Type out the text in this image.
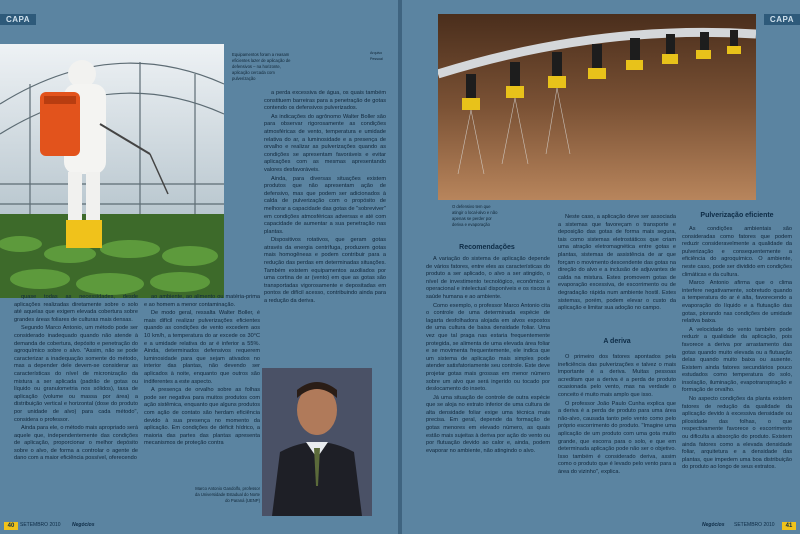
CAPA
Equipamentos foram a reasam eficientes lazer de aplicação de defensivos – na horizonte, aplicação cercada com pulverização
Arquivo Pessoal

quase todas as necessidades, desde aplicações realizadas diretamente sobre o solo até aquelas que exigem elevada cobertura sobre grandes áreas foliares de culturas mais densas.

Segundo Marco Antonio, um método pode ser considerado inadequado quando não atende à demanda de cobertura, depósito e penetração do agroquímico sobre o alvo. "Assim, não se pode caracterizar a inadequação somente do método, mas a depender dele devem-se considerar as características do nível de micronização da mistura a ser aplicada (padrão de gotas ou líquido ou granulometria nos sólidos), taxa de aplicação (volume ou massa por área) a distribuição vertical e horizontal (dose do produto por unidade de alvo) para cada método", considera o professor.

Ainda para ele, o método mais apropriado será aquele que, independentemente das condições de aplicação, proporcionar o melhor depósito sobre o alvo, de forma a controlar o agente de dano com a maior eficiência possível, oferecendo

ao ambiente, ao alimento ou matéria-prima e ao homem a menor contaminação.

De modo geral, ressalta Walter Boller, é mais difícil realizar pulverizações eficientes quando as condições de vento excedem aos 10 km/h, a temperatura do ar excede os 30°C e a umidade relativa do ar é inferior a 55%. Ainda, determinados defensivos requerem luminosidade para que sejam ativados no interior das plantas, não devendo ser aplicados à noite, enquanto que outros são indiferentes a este aspecto.

A presença de orvalho sobre as folhas pode ser negativa para muitos produtos com ação sistêmica, enquanto que alguns produtos com ação de contato são herdam eficiência devido à sua presença no momento da aplicação. Em condições de déficit hídrico, a maioria das partes das plantas apresenta mecanismos de proteção contra

a perda excessiva de água, os quais também constituem barreiras para a penetração de gotas contendo os defensivos pulverizados.

As indicações do agrônomo Walter Boller são para observar rigorosamente as condições atmosféricas de vento, temperatura e umidade relativa do ar, a luminosidade e a presença de orvalho e realizar as pulverizações quando as condições se apresentam favoráveis e evitar aplicações com as mesmas apresentando valores desfavoráveis.

Ainda, para diversas situações existem produtos que não apresentam ação de defensivo, mas que podem ser adicionados à calda de pulverização com o propósito de melhorar a capacidade das gotas de "sobreviver" em condições atmosféricas adversas e até com capacidade de aumentar a sua penetração nas plantas.

Dispositivos rotativos, que geram gotas através da energia centrífuga, produzem gotas mais homogêneas e podem contribuir para a redução das perdas em determinadas situações. Também existem equipamentos auxiliados por uma cortina de ar (vento) em que as gotas são transportadas vigorosamente e depositadas em pontos de difícil acesso, contribuindo ainda para a redução da deriva.

Marco Antonio Gandolfo, professor da Universidade Estadual do Norte do Paraná (UENP)
40	SETEMBRO 2010 Negócios
CAPA
O defensivo tem que atingir o local-alvo e não apenas se perder por deriva e evaporação
Recomendações

A variação do sistema de aplicação depende de vários fatores, entre eles as características do produto a ser aplicado, o alvo a ser atingido, o nível de investimento tecnológico, econômico e operacional e intelectual disponíveis e os riscos à saúde humana e ao ambiente.

Como exemplo, o professor Marco Antonio cita o controle de uma determinada espécie de lagarta desfolhadora alojada em alvos expostos de uma cultura de baixa densidade foliar. Uma vez que tal praga nas estaria frequentemente protegida, se alimenta de uma elevada área foliar e se movimenta frequentemente, ele indica que um sistema de aplicação mais simples pode atender satisfatoriamente seu controle. Este deve projetar gotas mais grossas em menor número sobre um alvo que será ingerido ou tocado por deslocamento do inseto.

Já uma situação de controle de outra espécie que se aloja no extrato inferior de uma cultura de alta densidade foliar exige uma técnica mais precisa. Em geral, depende da formação de gotas menores em elevado número, as quais estão mais sujeitas à deriva por ação do vento ou por flutuação devido ao calor e, ainda, podem evaporar no ambiente, não atingindo o alvo.

Neste caso, a aplicação deve ser associada a sistemas que favoreçam o transporte e deposição das gotas de forma mais segura, tais como sistemas eletrostáticos que criam uma atração eletromagnética entre gotas e plantas, sistemas de assistência de ar que forçam o movimento descendente das gotas na direção do alvo e a inclusão de adjuvantes de calda na mistura. Estes promovem gotas de evaporação excessiva, de escorrimento ou de degradação rápida num ambiente hostil. Estes sistemas, porém, podem elevar o custo da aplicação e limitar sua adoção no campo.

A deriva

O primeiro dos fatores apontados pela ineficiência das pulverizações e talvez o mais importante é a deriva. Muitas pessoas acreditam que a deriva é a perda de produto ocasionada pelo vento, mas na verdade o conceito é muito mais amplo que isso.

O professor João Paulo Cunha explica que a deriva é a perda de produto para uma área não-alvo, causada tanto pelo vento como pelo próprio escorrimento do produto. "Imagine uma aplicação de um produto com uma gota muito grande, que escorra para o solo, e que em determinada aplicação pode não ser o objetivo. Isso também é considerado deriva, assim como o produto que é levado pelo vento para a área do vizinho", explica.

Pulverização eficiente

As condições ambientais são consideradas como fatores que podem reduzir consideravelmente a qualidade da pulverização e consequentemente a eficiência do agroquímico. O ambiente, neste caso, pode ser dividido em condições climáticas e da cultura.

Marco Antonio afirma que o clima interfere negativamente, sobretudo quando a temperatura do ar é alta, favorecendo a evaporação do líquido e a flutuação das gotas, piorando nas condições de umidade relativa baixa.

A velocidade do vento também pode reduzir a qualidade da aplicação, pois favorece a deriva por arrastamento das gotas quando muito elevada ou a flutuação delas quando muito baixa ou ausente. Existem ainda fatores secundários pouco estudados como temperatura do solo, insolação, iluminação, evapotranspiração e formação de orvalho.

No aspecto condições da planta existem fatores de redução da qualidade da aplicação devido à excessiva densidade ou pilosidade das folhas, o que respectivamente favorece o escorrimento ou dificulta a absorção do produto. Existem ainda fatores como a elevada densidade foliar, arquitetura e a densidade das plantas, que impedem uma boa distribuição do produto ao longo de seus extratos.

Negócios SETEMBRO 2010	41
